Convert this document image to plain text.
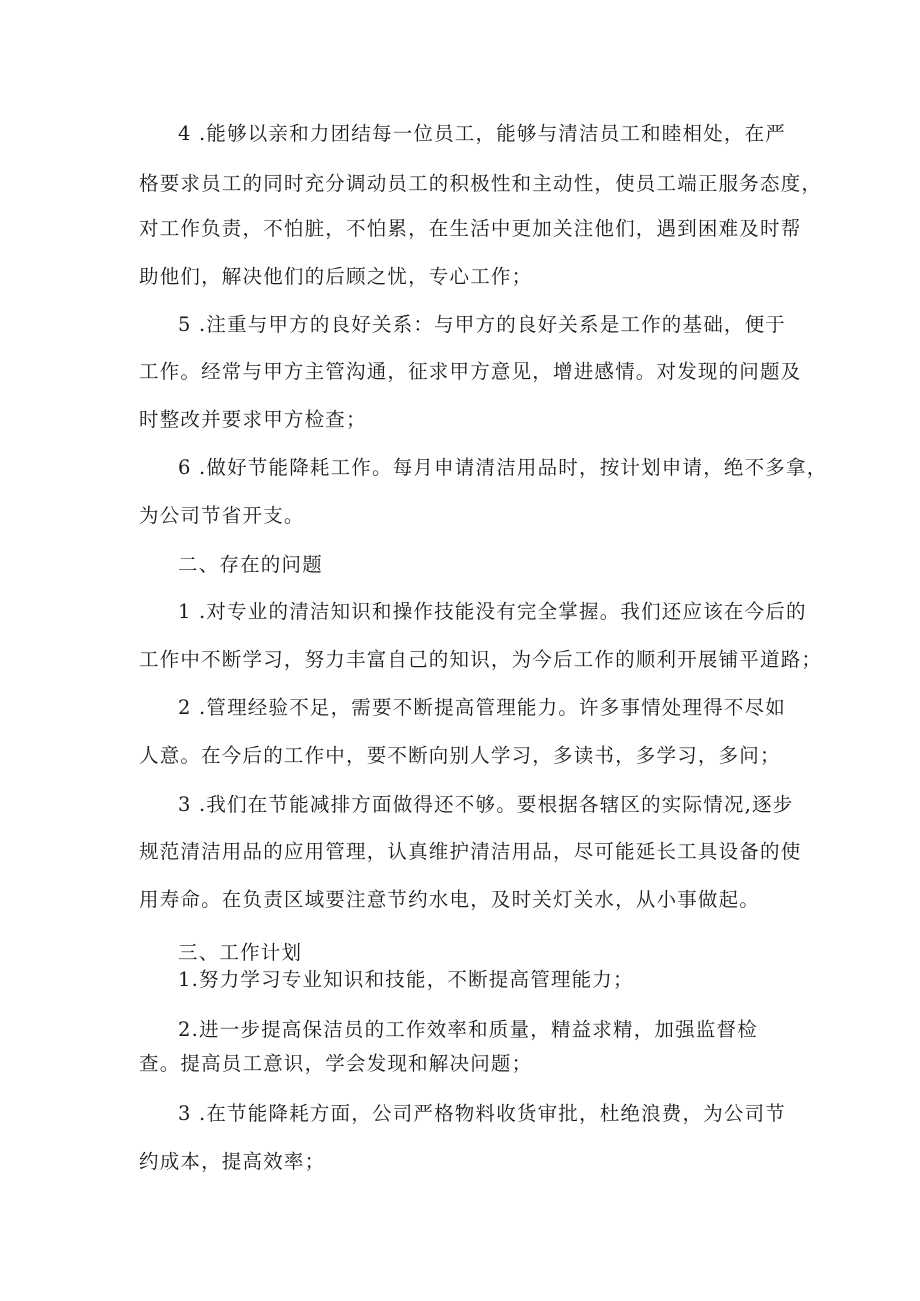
4 .能够以亲和力团结每一位员工，能够与清洁员工和睦相处，在严
格要求员工的同时充分调动员工的积极性和主动性，使员工端正服务态度，
对工作负责，不怕脏，不怕累，在生活中更加关注他们，遇到困难及时帮
助他们，解决他们的后顾之忧，专心工作；
5 .注重与甲方的良好关系：与甲方的良好关系是工作的基础，便于
工作。经常与甲方主管沟通，征求甲方意见，增进感情。对发现的问题及
时整改并要求甲方检查；
6 .做好节能降耗工作。每月申请清洁用品时，按计划申请，绝不多拿，
为公司节省开支。
二、存在的问题
1 .对专业的清洁知识和操作技能没有完全掌握。我们还应该在今后的
工作中不断学习，努力丰富自己的知识，为今后工作的顺利开展铺平道路；
2 .管理经验不足，需要不断提高管理能力。许多事情处理得不尽如
人意。在今后的工作中，要不断向别人学习，多读书，多学习，多问；
3 .我们在节能减排方面做得还不够。要根据各辖区的实际情况,逐步
规范清洁用品的应用管理，认真维护清洁用品，尽可能延长工具设备的使
用寿命。在负责区域要注意节约水电，及时关灯关水，从小事做起。
三、工作计划
1.努力学习专业知识和技能，不断提高管理能力；
2.进一步提高保洁员的工作效率和质量，精益求精，加强监督检
查。提高员工意识，学会发现和解决问题；
3 .在节能降耗方面，公司严格物料收货审批，杜绝浪费，为公司节
约成本，提高效率；
